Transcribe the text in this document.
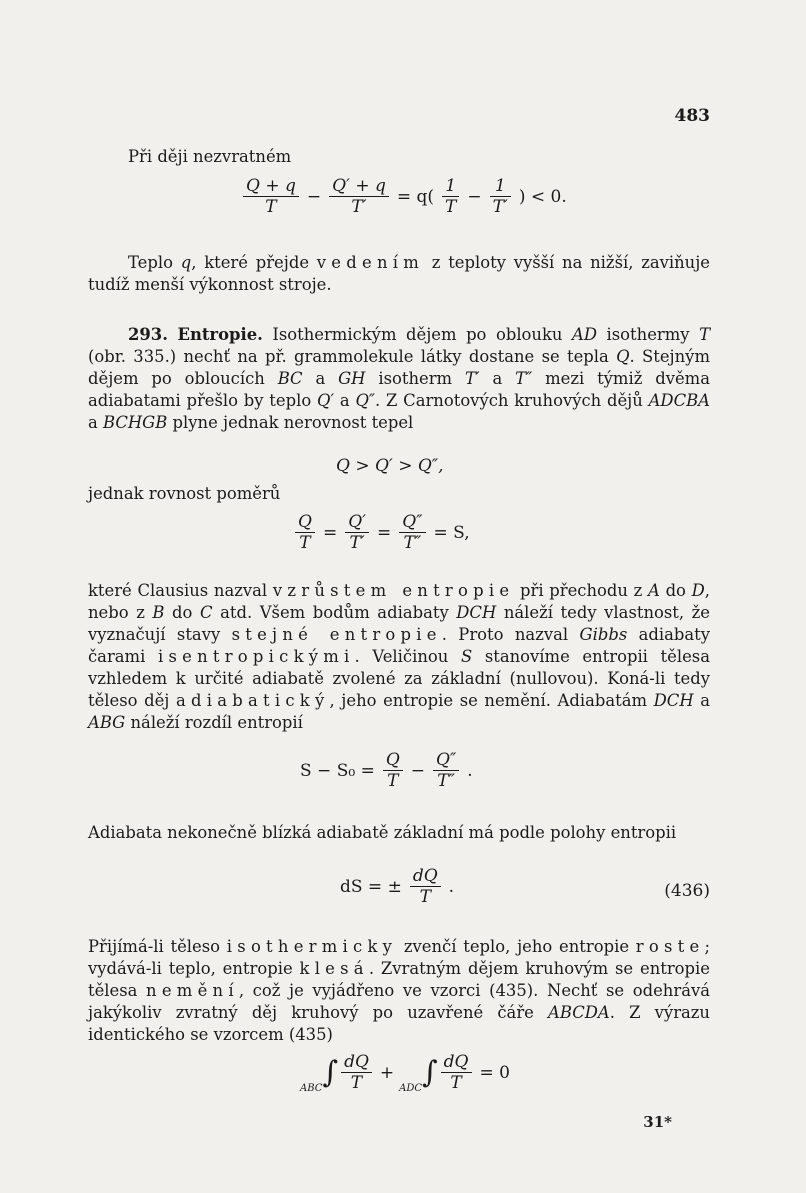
483

Při ději nezvratném

$\frac{Q + q}{T} - \frac{Q' + q}{T'} = q( \frac{1}{T} - \frac{1}{T'}$ ) < 0.

Teplo q, které přejde vedením z teploty vyšší na nižší, zaviňuje tudíž menší výkonnost stroje.

293. Entropie. Isothermickým dějem po oblouku AD isothermy T (obr. 335.) nechť na př. grammolekule látky dostane se tepla Q. Stejným dějem po obloucích BC a GH isotherm T′ a T″ mezi týmiž dvěma adiabatami přešlo by teplo Q′ a Q″. Z Carnotových kruhových dějů ADCBA a BCHGB plyne jednak nerovnost tepel

Q > Q′ > Q″,

jednak rovnost poměrů

$\frac{Q}{T} = \frac{Q'}{T'} = \frac{Q''}{T''} = S$,

které Clausius nazval vzrůstem entropie při přechodu z A do D, nebo z B do C atd. Všem bodům adiabaty DCH náleží tedy vlastnost, že vyznačují stavy stejné entropie. Proto nazval Gibbs adiabaty čarami isentropickými. Veličinou S stanovíme entropii tělesa vzhledem k určité adiabatě zvolené za základní (nullovou). Koná-li tedy těleso děj adiabatický, jeho entropie se nemění. Adiabatám DCH a ABG náleží rozdíl entropií

$S - S_0 = \frac{Q}{T} - \frac{Q''}{T''}$ .

Adiabata nekonečně blízká adiabatě základní má podle polohy entropii

dS = ± $\frac{dQ}{T}$ .	(436)

Přijímá-li těleso isothermicky zvenčí teplo, jeho entropie roste; vydává-li teplo, entropie klesá. Zvratným dějem kruhovým se entropie tělesa nemění, což je vyjádřeno ve vzorci (435). Nechť se odehrává jakýkoliv zvratný děj kruhový po uzavřené čáře ABCDA. Z výrazu identického se vzorcem (435)

$_{ABC}\int \frac{dQ}{T} +_{ADC}\int \frac{dQ}{T} = 0$
31*
